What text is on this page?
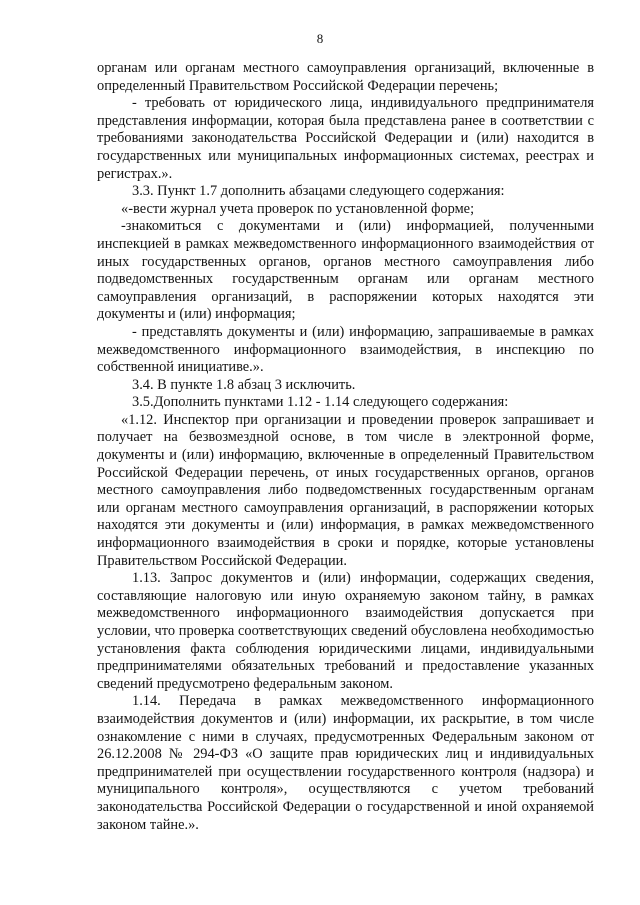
8

органам или органам местного самоуправления организаций, включенные в определенный Правительством Российской Федерации перечень;

- требовать от юридического лица, индивидуального предпринимателя представления информации, которая была представлена ранее в соответствии с требованиями законодательства Российской Федерации и (или) находится в государственных или муниципальных информационных системах, реестрах и регистрах.».

3.3. Пункт 1.7 дополнить абзацами следующего содержания:

«-вести журнал учета проверок по установленной форме;

-знакомиться с документами и (или) информацией, полученными инспекцией в рамках межведомственного информационного взаимодействия от иных государственных органов, органов местного самоуправления либо подведомственных государственным органам или органам местного самоуправления организаций, в распоряжении которых находятся эти документы и (или) информация;

- представлять документы и (или) информацию, запрашиваемые в рамках межведомственного информационного взаимодействия, в инспекцию по собственной инициативе.».

3.4. В пункте 1.8 абзац 3 исключить.

3.5.Дополнить пунктами 1.12 - 1.14 следующего содержания:

«1.12. Инспектор при организации и проведении проверок запрашивает и получает на безвозмездной основе, в том числе в электронной форме, документы и (или) информацию, включенные в определенный Правительством Российской Федерации перечень, от иных государственных органов, органов местного самоуправления либо подведомственных государственным органам или органам местного самоуправления организаций, в распоряжении которых находятся эти документы и (или) информация, в рамках межведомственного информационного взаимодействия в сроки и порядке, которые установлены Правительством Российской Федерации.

1.13. Запрос документов и (или) информации, содержащих сведения, составляющие налоговую или иную охраняемую законом тайну, в рамках межведомственного информационного взаимодействия допускается при условии, что проверка соответствующих сведений обусловлена необходимостью установления факта соблюдения юридическими лицами, индивидуальными предпринимателями обязательных требований и предоставление указанных сведений предусмотрено федеральным законом.

1.14. Передача в рамках межведомственного информационного взаимодействия документов и (или) информации, их раскрытие, в том числе ознакомление с ними в случаях, предусмотренных Федеральным законом от 26.12.2008 № 294-ФЗ «О защите прав юридических лиц и индивидуальных предпринимателей при осуществлении государственного контроля (надзора) и муниципального контроля», осуществляются с учетом требований законодательства Российской Федерации о государственной и иной охраняемой законом тайне.».
